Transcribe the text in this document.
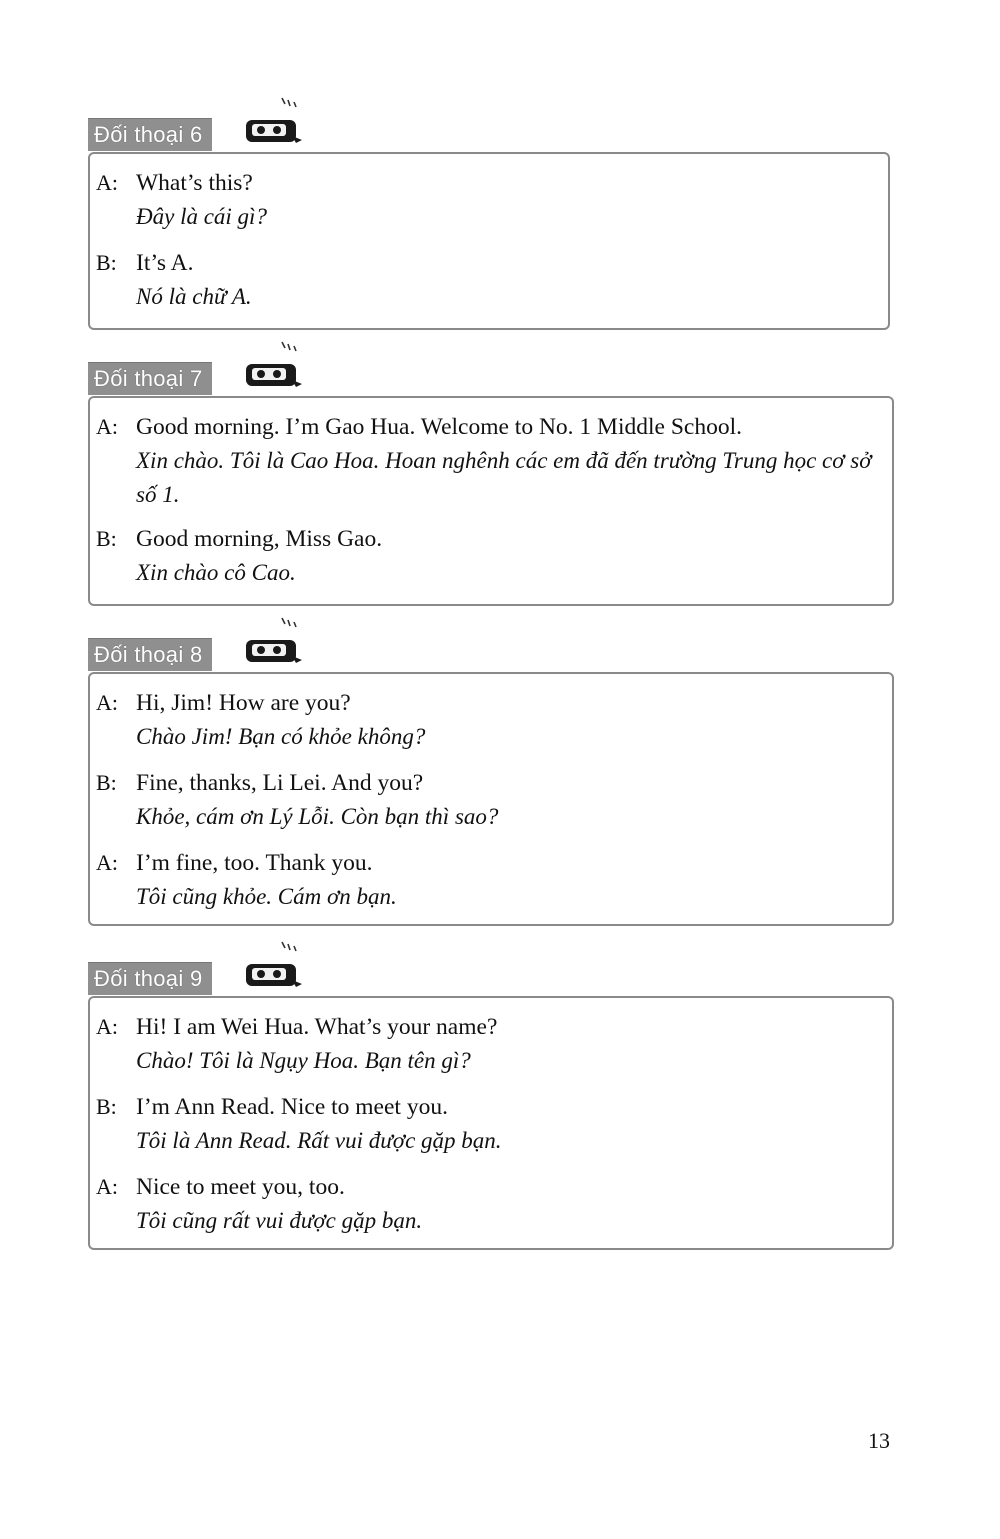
Đối thoại 6
A: What’s this?
Đây là cái gì?
B: It’s A.
Nó là chữ A.
Đối thoại 7
A: Good morning. I’m Gao Hua. Welcome to No. 1 Middle School.
Xin chào. Tôi là Cao Hoa. Hoan nghênh các em đã đến trường Trung học cơ sở số 1.
B: Good morning, Miss Gao.
Xin chào cô Cao.
Đối thoại 8
A: Hi, Jim! How are you?
Chào Jim! Bạn có khỏe không?
B: Fine, thanks, Li Lei. And you?
Khỏe, cám ơn Lý Lỗi. Còn bạn thì sao?
A: I’m fine, too. Thank you.
Tôi cũng khỏe. Cám ơn bạn.
Đối thoại 9
A: Hi! I am Wei Hua. What’s your name?
Chào! Tôi là Ngụy Hoa. Bạn tên gì?
B: I’m Ann Read. Nice to meet you.
Tôi là Ann Read. Rất vui được gặp bạn.
A: Nice to meet you, too.
Tôi cũng rất vui được gặp bạn.
13
